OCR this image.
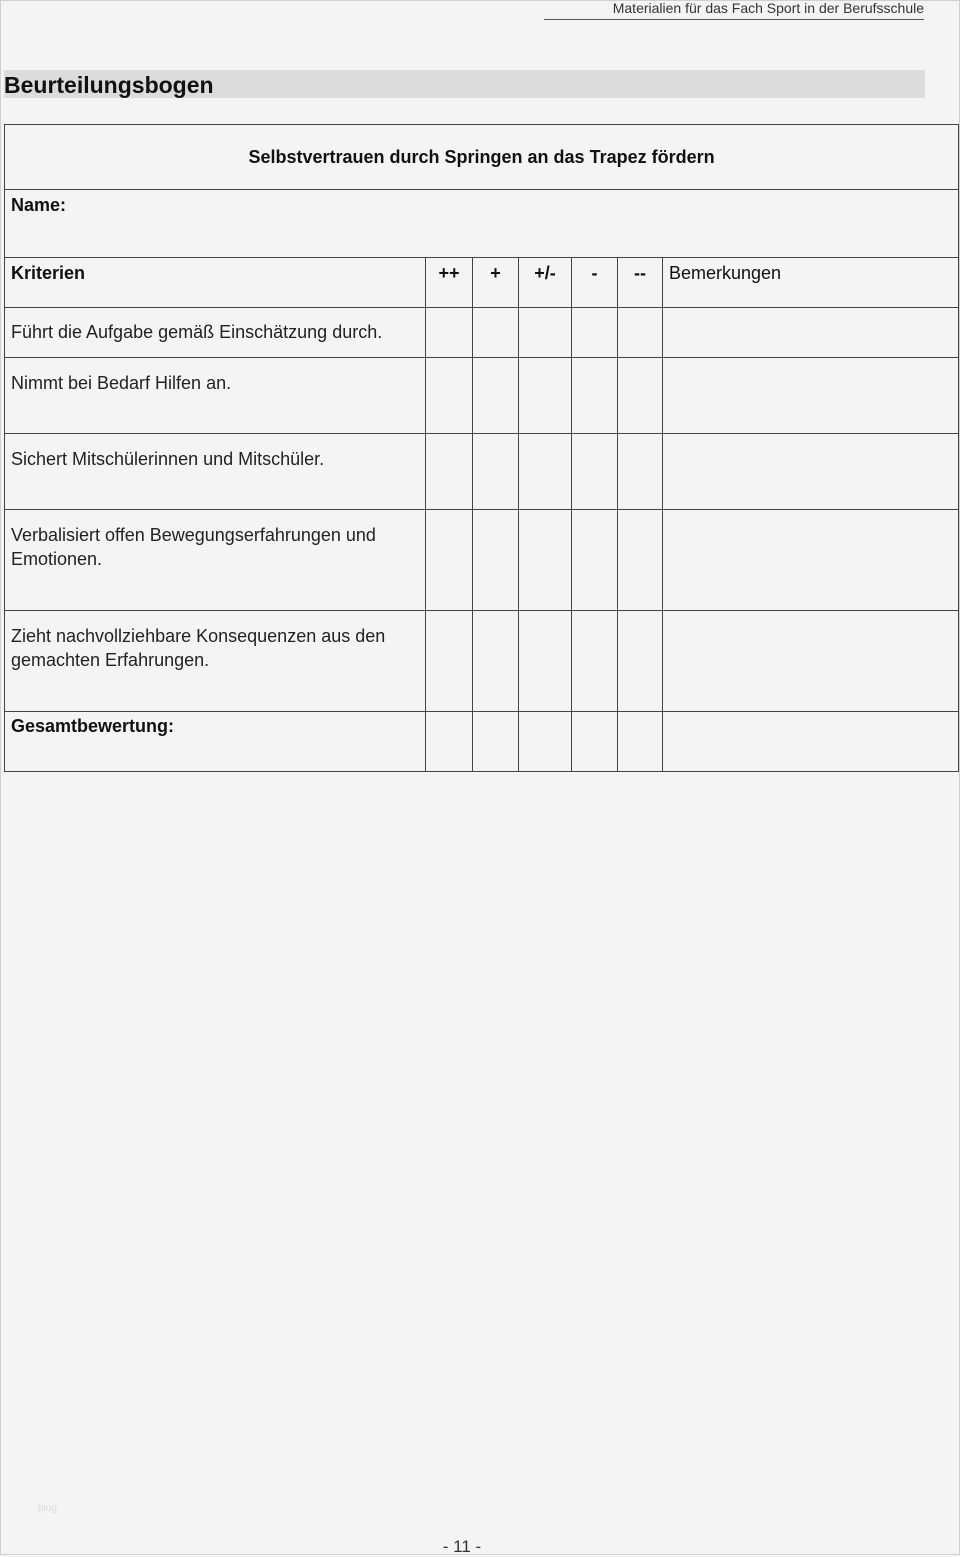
Materialien für das Fach Sport in der Berufsschule
Beurteilungsbogen
Selbstvertrauen durch Springen an das Trapez fördern						
Name:						
Kriterien	++	+	+/-	-	--	Bemerkungen
Führt die Aufgabe gemäß Einschätzung durch.						
Nimmt bei Bedarf Hilfen an.						
Sichert Mitschülerinnen und Mitschüler.						
Verbalisiert offen Bewegungserfahrungen und Emotionen.						
Zieht nachvollziehbare Konsequenzen aus den gemachten Erfahrungen.						
Gesamtbewertung:						
blog
- 11 -
